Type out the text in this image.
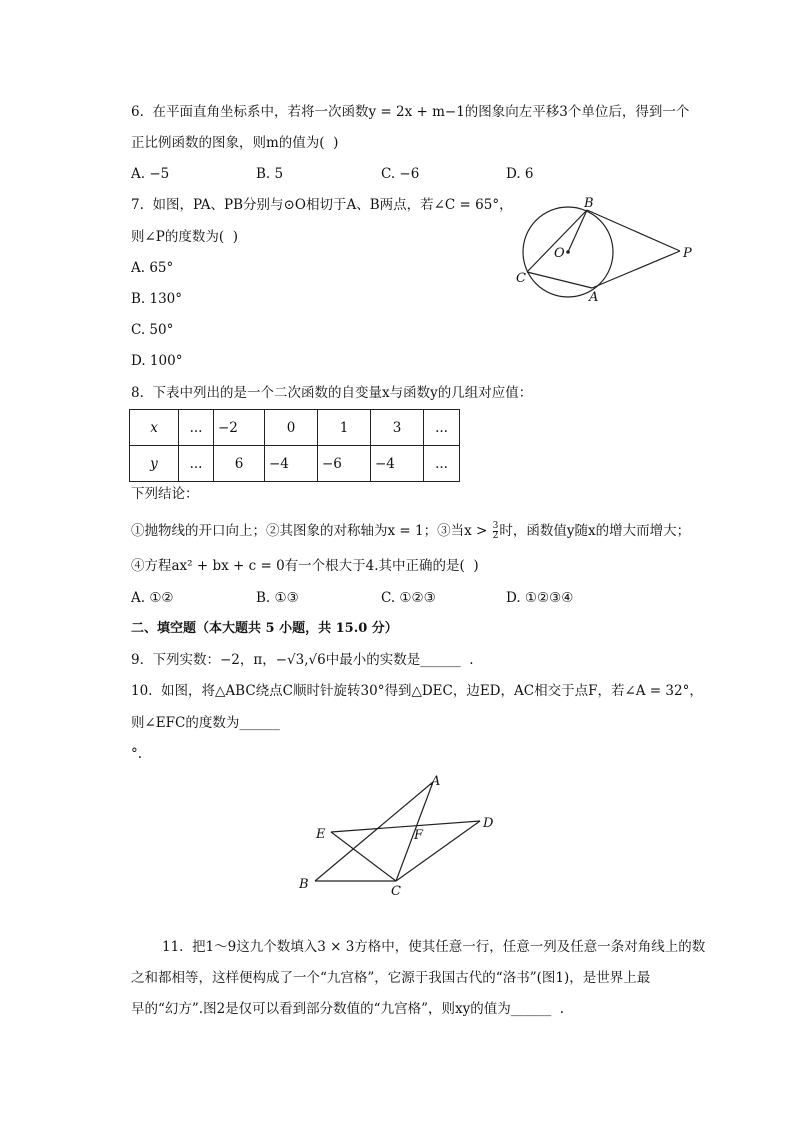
6.  在平面直角坐标系中，若将一次函数y = 2x + m−1的图象向左平移3个单位后，得到一个
正比例函数的图象，则m的值为(  )
A. −5	B. 5	C. −6	D. 6
7.  如图，PA、PB分别与⊙O相切于A、B两点，若∠C = 65°，
则∠P的度数为(  )
A. 65°
B. 130°
C. 50°
D. 100°
B
O	P
C
A
8.  下表中列出的是一个二次函数的自变量x与函数y的几组对应值：
x	...	−2	0	1	3	...
y	...	6	−4	−6	−4	...
下列结论：
①抛物线的开口向上；②其图象的对称轴为x = 1；③当$x > \frac{3}{2}$ 时，函数值y随x的增大而增大；
④方程ax² + bx + c = 0有一个根大于4.其中正确的是(  )
A. ①②	B. ①③	C. ①②③	D. ①②③④
二、填空题（本大题共 5 小题，共 15.0 分）
9.  下列实数：−2，π，−√3,√6中最小的实数是______  .
10.  如图，将△ABC绕点C顺时针旋转30°得到△DEC，边ED，AC相交于点F，若∠A = 32°，
则∠EFC的度数为______
°.
A
E	F
D
B	C
11.  把1～9这九个数填入3 × 3方格中，使其任意一行，任意一列及任意一条对角线上的数
之和都相等，这样便构成了一个“九宫格”，它源于我国古代的“洛书”(图1)，是世界上最
早的“幻方”.图2是仅可以看到部分数值的“九宫格”，则xy的值为______  .
